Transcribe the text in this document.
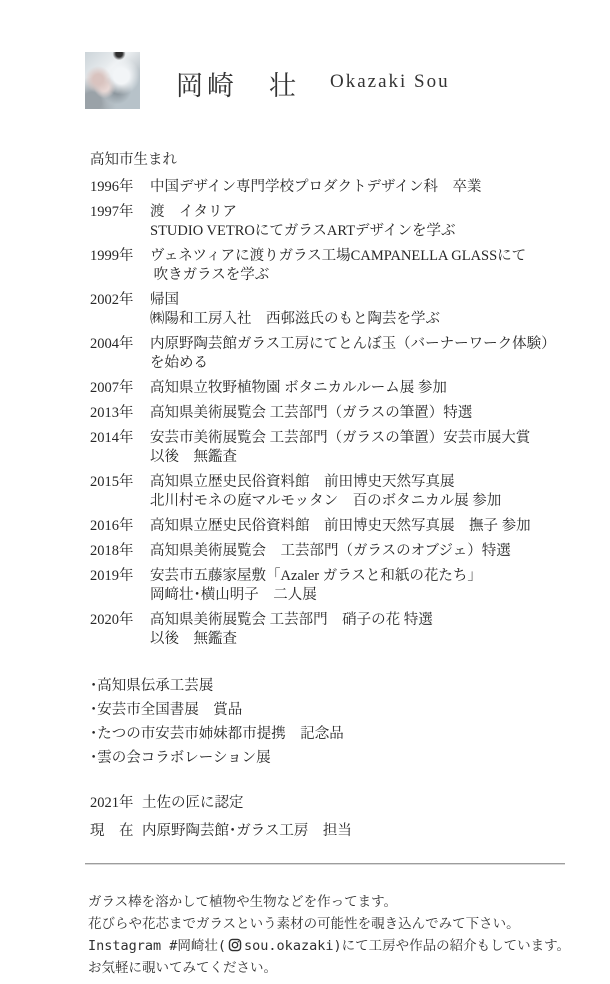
岡崎　壮 Okazaki Sou
高知市生まれ
1996年	中国デザイン専門学校プロダクトデザイン科　卒業
1997年	渡　イタリア
STUDIO VETROにてガラスARTデザインを学ぶ
1999年	ヴェネツィアに渡りガラス工場CAMPANELLA GLASSにて
吹きガラスを学ぶ
2002年	帰国
㈱陽和工房入社　西邨滋氏のもと陶芸を学ぶ
2004年	内原野陶芸館ガラス工房にてとんぼ玉（バーナーワーク体験）を始める
2007年	高知県立牧野植物園 ボタニカルルーム展 参加
2013年	高知県美術展覧会 工芸部門（ガラスの筆置）特選
2014年	安芸市美術展覧会 工芸部門（ガラスの筆置）安芸市展大賞
以後　無鑑査
2015年	高知県立歴史民俗資料館　前田博史天然写真展
北川村モネの庭マルモッタン　百のボタニカル展 参加
2016年	高知県立歴史民俗資料館　前田博史天然写真展　撫子 参加
2018年	高知県美術展覧会　工芸部門（ガラスのオブジェ）特選
2019年	安芸市五藤家屋敷「Azaler ガラスと和紙の花たち」
岡﨑壮･横山明子　二人展
2020年	高知県美術展覧会 工芸部門　硝子の花 特選
以後　無鑑査
･高知県伝承工芸展
･安芸市全国書展　賞品
･たつの市安芸市姉妹都市提携　記念品
･雲の会コラボレーション展
2021年 土佐の匠に認定
現　在 内原野陶芸館･ガラス工房　担当
ガラス棒を溶かして植物や生物などを作ってます。
花びらや花芯までガラスという素材の可能性を覗き込んでみて下さい。
Instagram #岡崎壮( sou.okazaki)にて工房や作品の紹介もしています。
お気軽に覗いてみてください。
